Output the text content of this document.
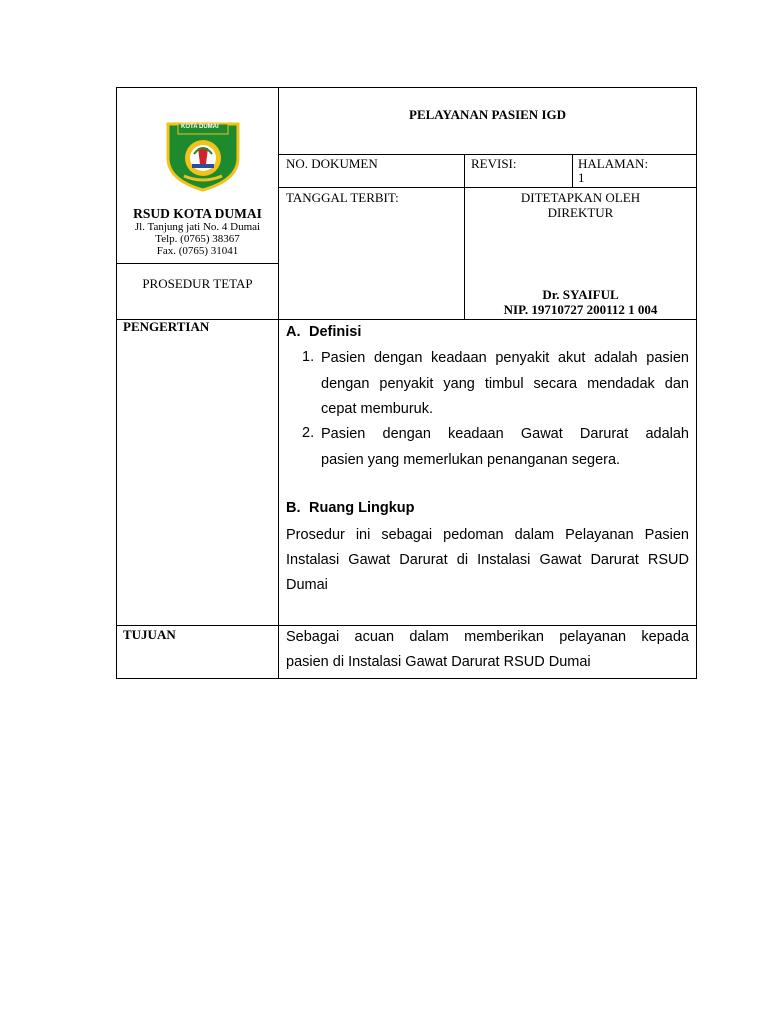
KOTA DUMAI
RSUD KOTA DUMAI
Jl. Tanjung jati No. 4 Dumai
Telp. (0765) 38367
Fax. (0765) 31041
PROSEDUR TETAP
PELAYANAN PASIEN IGD
NO. DOKUMEN	REVISI:	HALAMAN:
1
TANGGAL TERBIT:	DITETAPKAN OLEH
DIREKTUR
Dr. SYAIFUL
NIP. 19710727 200112 1 004
PENGERTIAN	A. Definisi
1. Pasien dengan keadaan penyakit akut adalah pasien
dengan penyakit yang timbul secara mendadak dan
cepat memburuk.
2. Pasien dengan keadaan Gawat Darurat adalah
pasien yang memerlukan penanganan segera.
B. Ruang Lingkup
Prosedur ini sebagai pedoman dalam Pelayanan Pasien
Instalasi Gawat Darurat di Instalasi Gawat Darurat RSUD
Dumai
TUJUAN	Sebagai acuan dalam memberikan pelayanan kepada
pasien di Instalasi Gawat Darurat RSUD Dumai
